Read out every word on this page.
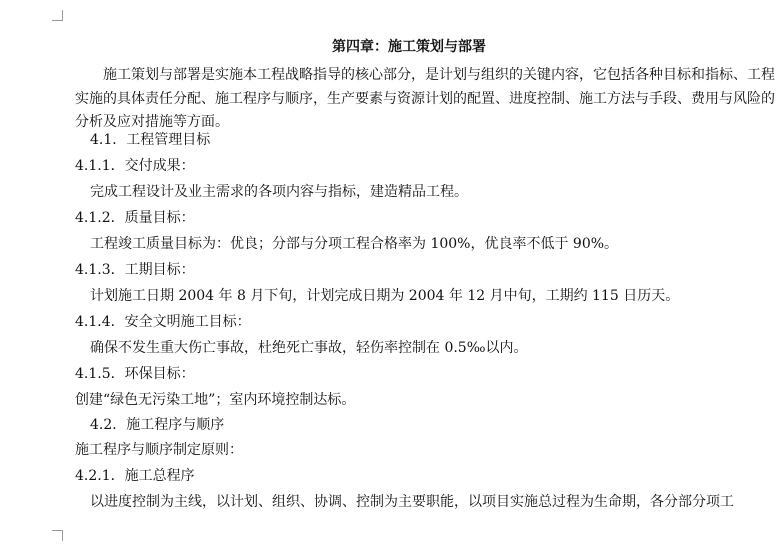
第四章：施工策划与部署
施工策划与部署是实施本工程战略指导的核心部分，是计划与组织的关键内容，它包括各种目标和指标、工程实施的具体责任分配、施工程序与顺序，生产要素与资源计划的配置、进度控制、施工方法与手段、费用与风险的分析及应对措施等方面。
4.1．工程管理目标
4.1.1．交付成果：
完成工程设计及业主需求的各项内容与指标，建造精品工程。
4.1.2．质量目标：
工程竣工质量目标为：优良；分部与分项工程合格率为 100%，优良率不低于 90%。
4.1.3．工期目标：
计划施工日期 2004 年 8 月下旬，计划完成日期为 2004 年 12 月中旬，工期约 115 日历天。
4.1.4．安全文明施工目标：
确保不发生重大伤亡事故，杜绝死亡事故，轻伤率控制在 0.5‰以内。
4.1.5．环保目标：
创建“绿色无污染工地”；室内环境控制达标。
4.2．施工程序与顺序
施工程序与顺序制定原则：
4.2.1．施工总程序
以进度控制为主线，以计划、组织、协调、控制为主要职能，以项目实施总过程为生命期，各分部分项工
